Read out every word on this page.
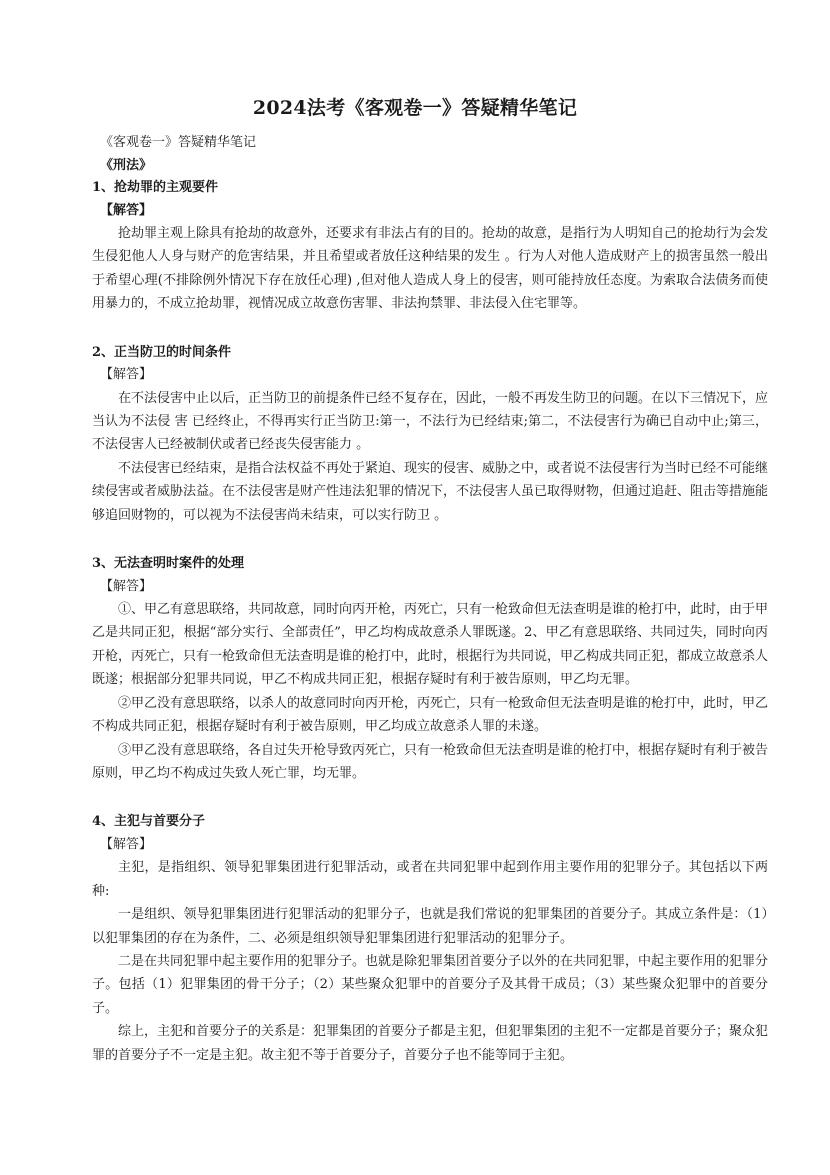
2024法考《客观卷一》答疑精华笔记

《客观卷一》答疑精华笔记

《刑法》

1、抢劫罪的主观要件

【解答】

抢劫罪主观上除具有抢劫的故意外，还要求有非法占有的目的。抢劫的故意，是指行为人明知自己的抢劫行为会发生侵犯他人人身与财产的危害结果，并且希望或者放任这种结果的发生 。行为人对他人造成财产上的损害虽然一般出于希望心理(不排除例外情况下存在放任心理) ,但对他人造成人身上的侵害，则可能持放任态度。为索取合法债务而使用暴力的，不成立抢劫罪，视情况成立故意伤害罪、非法拘禁罪、非法侵入住宅罪等。

2、正当防卫的时间条件

【解答】

在不法侵害中止以后，正当防卫的前提条件已经不复存在，因此，一般不再发生防卫的问题。在以下三情况下，应当认为不法侵 害 已经终止，不得再实行正当防卫:第一，不法行为已经结束;第二，不法侵害行为确已自动中止;第三，不法侵害人已经被制伏或者已经丧失侵害能力 。

不法侵害已经结束，是指合法权益不再处于紧迫、现实的侵害、威胁之中，或者说不法侵害行为当时已经不可能继续侵害或者威胁法益。在不法侵害是财产性违法犯罪的情况下，不法侵害人虽已取得财物，但通过追赶、阻击等措施能够追回财物的，可以视为不法侵害尚未结束，可以实行防卫 。

3、无法查明时案件的处理

【解答】

①、甲乙有意思联络，共同故意，同时向丙开枪，丙死亡，只有一枪致命但无法查明是谁的枪打中，此时，由于甲乙是共同正犯，根据“部分实行、全部责任”，甲乙均构成故意杀人罪既遂。2、甲乙有意思联络、共同过失，同时向丙开枪，丙死亡，只有一枪致命但无法查明是谁的枪打中，此时，根据行为共同说，甲乙构成共同正犯，都成立故意杀人既遂；根据部分犯罪共同说，甲乙不构成共同正犯，根据存疑时有利于被告原则，甲乙均无罪。

②甲乙没有意思联络，以杀人的故意同时向丙开枪，丙死亡，只有一枪致命但无法查明是谁的枪打中，此时，甲乙不构成共同正犯，根据存疑时有利于被告原则，甲乙均成立故意杀人罪的未遂。

③甲乙没有意思联络，各自过失开枪导致丙死亡，只有一枪致命但无法查明是谁的枪打中，根据存疑时有利于被告原则，甲乙均不构成过失致人死亡罪，均无罪。

4、主犯与首要分子

【解答】

主犯，是指组织、领导犯罪集团进行犯罪活动，或者在共同犯罪中起到作用主要作用的犯罪分子。其包括以下两种:

一是组织、领导犯罪集团进行犯罪活动的犯罪分子，也就是我们常说的犯罪集团的首要分子。其成立条件是：（1）以犯罪集团的存在为条件，二、必须是组织领导犯罪集团进行犯罪活动的犯罪分子。

二是在共同犯罪中起主要作用的犯罪分子。也就是除犯罪集团首要分子以外的在共同犯罪，中起主要作用的犯罪分子。包括（1）犯罪集团的骨干分子；（2）某些聚众犯罪中的首要分子及其骨干成员；（3）某些聚众犯罪中的首要分子。

综上，主犯和首要分子的关系是：犯罪集团的首要分子都是主犯，但犯罪集团的主犯不一定都是首要分子；聚众犯罪的首要分子不一定是主犯。故主犯不等于首要分子，首要分子也不能等同于主犯。
